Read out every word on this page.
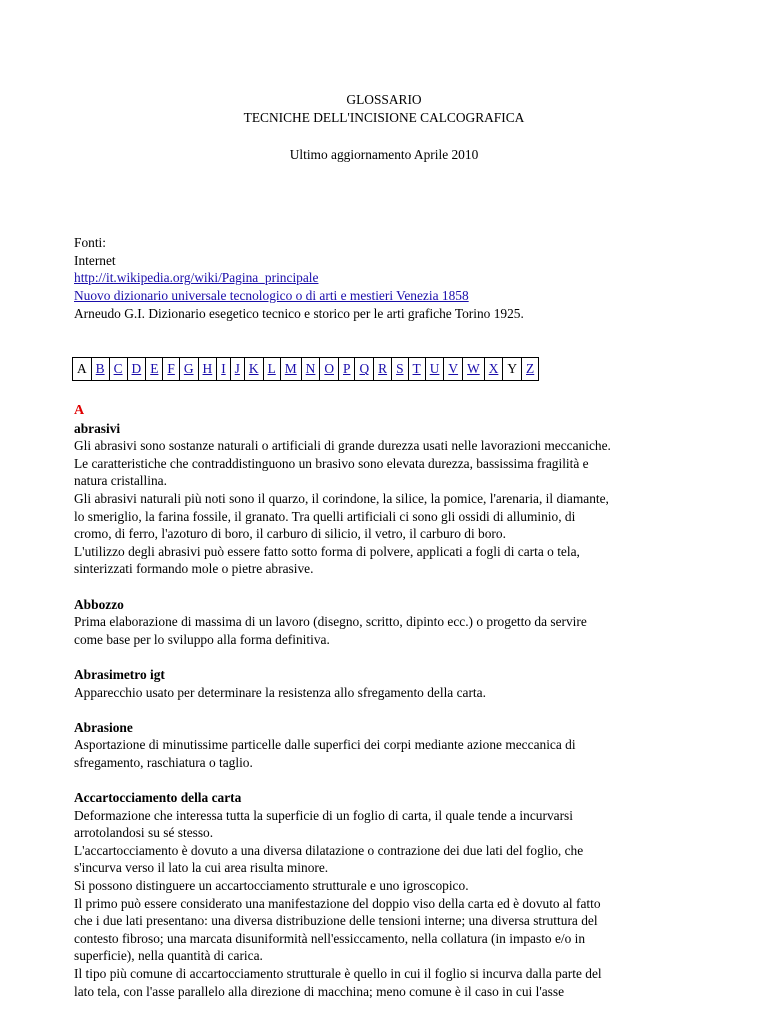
GLOSSARIO
TECNICHE DELL'INCISIONE CALCOGRAFICA
Ultimo aggiornamento Aprile 2010
Fonti:
Internet
http://it.wikipedia.org/wiki/Pagina_principale
Nuovo dizionario universale tecnologico o di arti e mestieri Venezia 1858
Arneudo G.I. Dizionario esegetico tecnico e storico per le arti grafiche Torino 1925.
A	B	C	D	E	F	G	H	I	J	K	L	M	N	O	P	Q	R	S	T	U	V	W	X	Y	Z
A
abrasivi
Gli abrasivi sono sostanze naturali o artificiali di grande durezza usati nelle lavorazioni meccaniche.
Le caratteristiche che contraddistinguono un brasivo sono elevata durezza, bassissima fragilità e
natura cristallina.
Gli abrasivi naturali più noti sono il quarzo, il corindone, la silice, la pomice, l'arenaria, il diamante,
lo smeriglio, la farina fossile, il granato. Tra quelli artificiali ci sono gli ossidi di alluminio, di
cromo, di ferro, l'azoturo di boro, il carburo di silicio, il vetro, il carburo di boro.
L'utilizzo degli abrasivi può essere fatto sotto forma di polvere, applicati a fogli di carta o tela,
sinterizzati formando mole o pietre abrasive.
Abbozzo
Prima elaborazione di massima di un lavoro (disegno, scritto, dipinto ecc.) o progetto da servire
come base per lo sviluppo alla forma definitiva.
Abrasimetro igt
Apparecchio usato per determinare la resistenza allo sfregamento della carta.
Abrasione
Asportazione di minutissime particelle dalle superfici dei corpi mediante azione meccanica di
sfregamento, raschiatura o taglio.
Accartocciamento della carta
Deformazione che interessa tutta la superficie di un foglio di carta, il quale tende a incurvarsi
arrotolandosi su sé stesso.
L'accartocciamento è dovuto a una diversa dilatazione o contrazione dei due lati del foglio, che
s'incurva verso il lato la cui area risulta minore.
Si possono distinguere un accartocciamento strutturale e uno igroscopico.
Il primo può essere considerato una manifestazione del doppio viso della carta ed è dovuto al fatto
che i due lati presentano: una diversa distribuzione delle tensioni interne; una diversa struttura del
contesto fibroso; una marcata disuniformità nell'essiccamento, nella collatura (in impasto e/o in
superficie), nella quantità di carica.
Il tipo più comune di accartocciamento strutturale è quello in cui il foglio si incurva dalla parte del
lato tela, con l'asse parallelo alla direzione di macchina; meno comune è il caso in cui l'asse
